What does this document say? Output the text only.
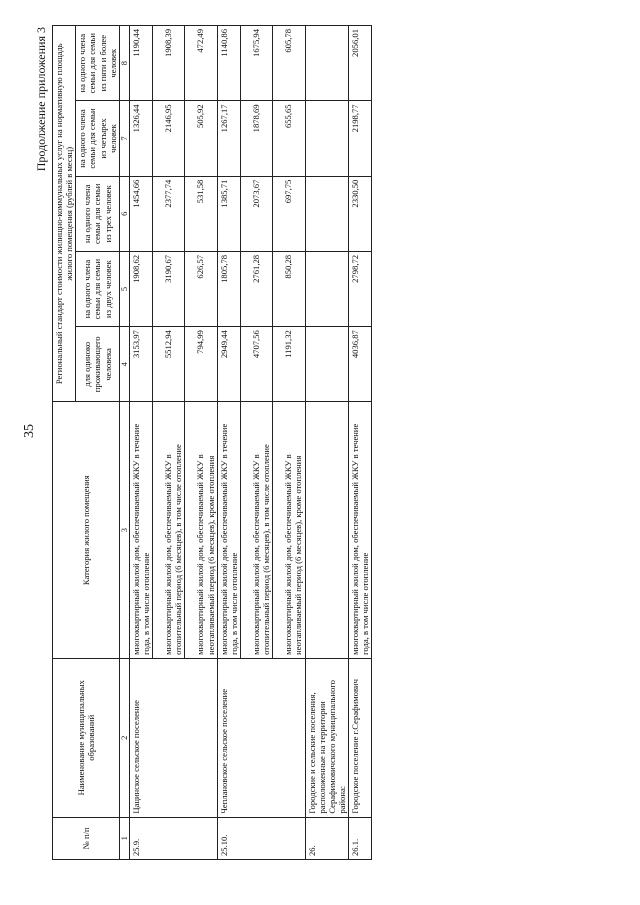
35
Продолжение приложения 3
№ п/п	Наименование муниципальных образований	Категория жилого помещения	Региональный стандарт стоимости жилищно-коммунальных услуг на нормативную площадь жилого помещения (рублей в месяц)				
			для одиноко проживающего человека	на одного члена семьи для семьи из двух человек	на одного члена семьи для семьи из трех человек	на одного члена семьи для семьи из четырех человек	на одного члена семьи для семьи из пяти и более человек
1	2	3	4	5	6	7	8
25.9.	Цацинское сельское поселение	многоквартирный жилой дом, обеспечиваемый ЖКУ в течение года, в том числе отопление	3153,97	1908,62	1454,66	1326,44	1190,44
		многоквартирный жилой дом, обеспечиваемый ЖКУ в отопительный период (6 месяцев), в том числе отопление	5512,94	3190,67	2377,74	2146,95	1908,39
		многоквартирный жилой дом, обеспечиваемый ЖКУ в неотапливаемый период (6 месяцев), кроме отопления	794,99	626,57	531,58	505,92	472,49
25.10.	Чеплановское сельское поселение	многоквартирный жилой дом, обеспечиваемый ЖКУ в течение года, в том числе отопление	2949,44	1805,78	1385,71	1267,17	1140,86
		многоквартирный жилой дом, обеспечиваемый ЖКУ в отопительный период (6 месяцев), в том числе отопление	4707,56	2761,28	2073,67	1878,69	1675,94
		многоквартирный жилой дом, обеспечиваемый ЖКУ в неотапливаемый период (6 месяцев), кроме отопления	1191,32	850,28	697,75	655,65	605,78
26.	Городские и сельские поселения, расположенные на территории Серафимовичского муниципального района:						
26.1.	Городское поселение г.Серафимович	многоквартирный жилой дом, обеспечиваемый ЖКУ в течение года, в том числе отопление	4036,87	2798,72	2330,50	2198,77	2056,01
